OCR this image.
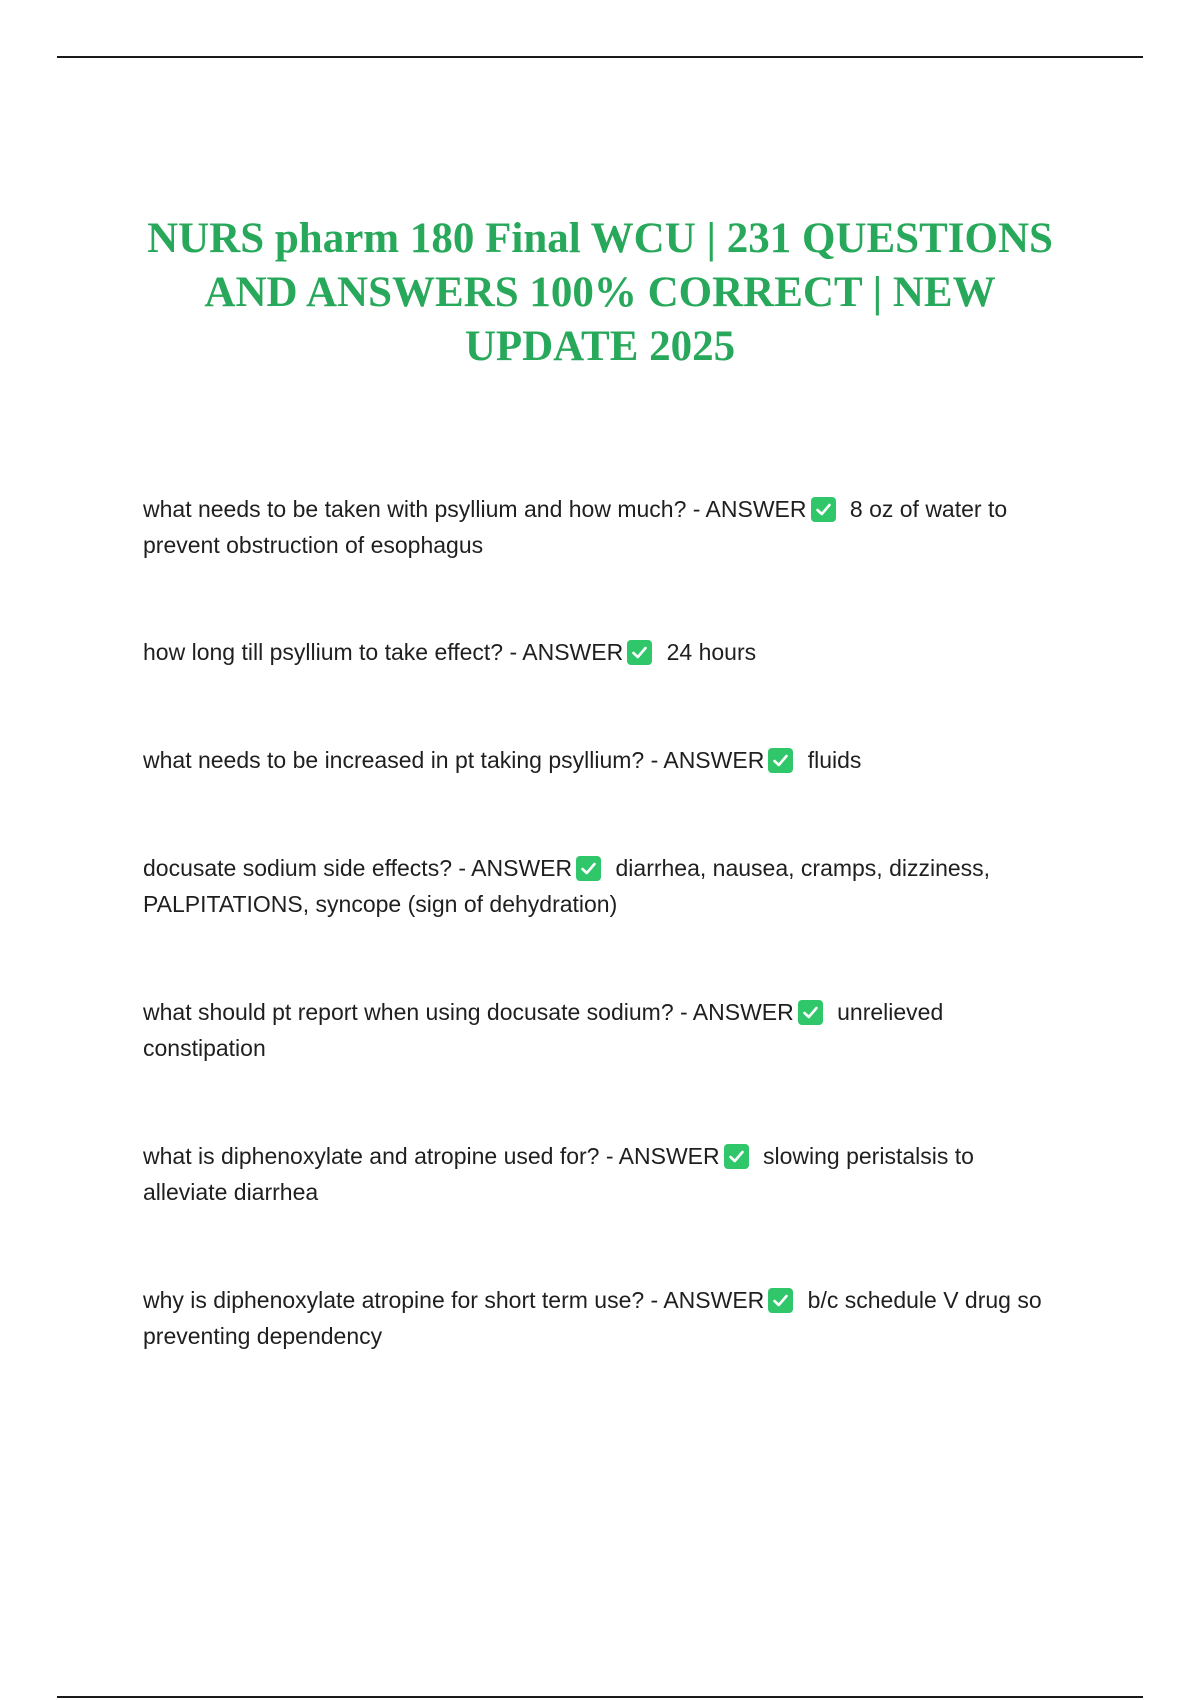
NURS pharm 180 Final WCU | 231 QUESTIONS AND ANSWERS 100% CORRECT | NEW UPDATE 2025

what needs to be taken with psyllium and how much? - ANSWER 8 oz of water to prevent obstruction of esophagus

how long till psyllium to take effect? - ANSWER 24 hours

what needs to be increased in pt taking psyllium? - ANSWER fluids

docusate sodium side effects? - ANSWER diarrhea, nausea, cramps, dizziness, PALPITATIONS, syncope (sign of dehydration)

what should pt report when using docusate sodium? - ANSWER unrelieved constipation

what is diphenoxylate and atropine used for? - ANSWER slowing peristalsis to alleviate diarrhea

why is diphenoxylate atropine for short term use? - ANSWER b/c schedule V drug so preventing dependency
